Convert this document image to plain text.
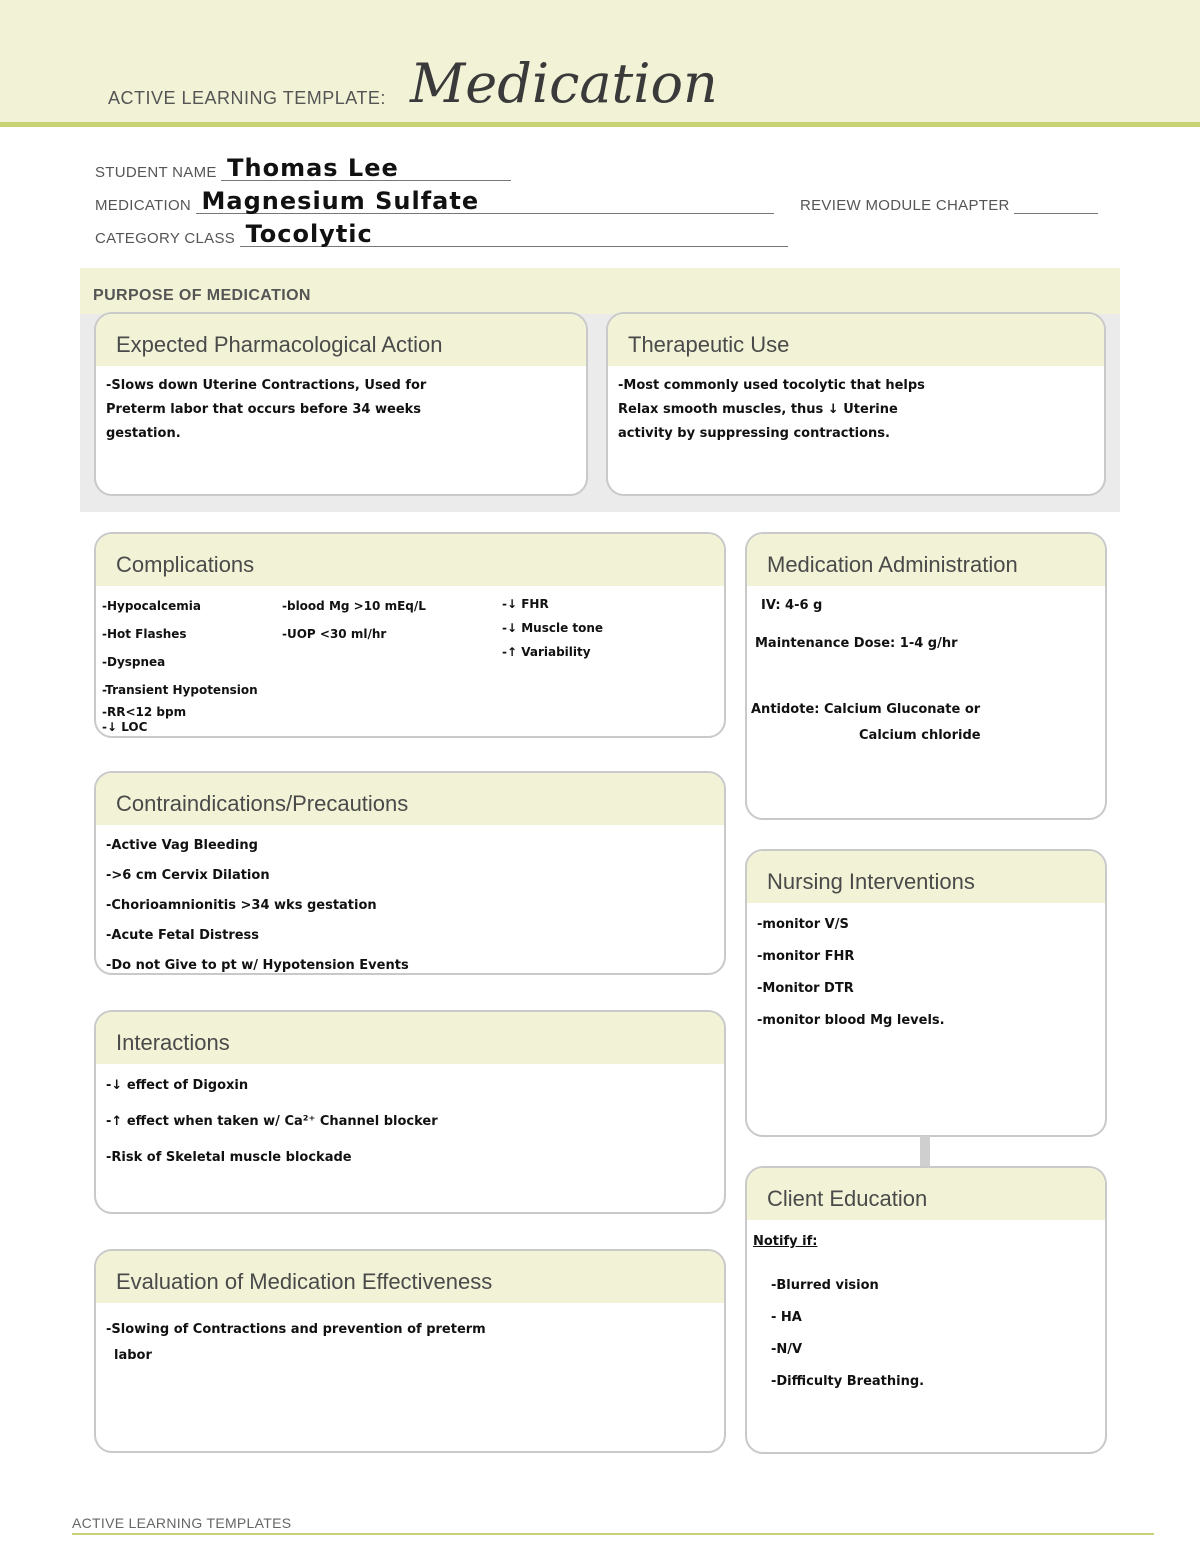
ACTIVE LEARNING TEMPLATE: Medication
STUDENT NAME Thomas Lee
MEDICATION Magnesium Sulfate	REVIEW MODULE CHAPTER
CATEGORY CLASS Tocolytic
PURPOSE OF MEDICATION
Expected Pharmacological Action
-Slows down Uterine Contractions, Used for
Preterm labor that occurs before 34 weeks
gestation.
Therapeutic Use
-Most commonly used tocolytic that helps
Relax smooth muscles, thus ↓ Uterine
activity by suppressing contractions.
Complications
-Hypocalcemia
-Hot Flashes
-Dyspnea
-Transient Hypotension
-RR<12 bpm
-↓ LOC
-blood Mg >10 mEq/L
-UOP <30 ml/hr
-↓ FHR
-↓ Muscle tone
-↑ Variability
Medication Administration
IV: 4-6 g
Maintenance Dose: 1-4 g/hr
Antidote: Calcium Gluconate or
Calcium chloride
Contraindications/Precautions
-Active Vag Bleeding
->6 cm Cervix Dilation
-Chorioamnionitis >34 wks gestation
-Acute Fetal Distress
-Do not Give to pt w/ Hypotension Events
Nursing Interventions
-monitor V/S
-monitor FHR
-Monitor DTR
-monitor blood Mg levels.
Interactions
-↓ effect of Digoxin
-↑ effect when taken w/ Ca²⁺ Channel blocker
-Risk of Skeletal muscle blockade
Client Education
Notify if:
-Blurred vision
- HA
-N/V
-Difficulty Breathing.
Evaluation of Medication Effectiveness
-Slowing of Contractions and prevention of preterm
labor
ACTIVE LEARNING TEMPLATES
